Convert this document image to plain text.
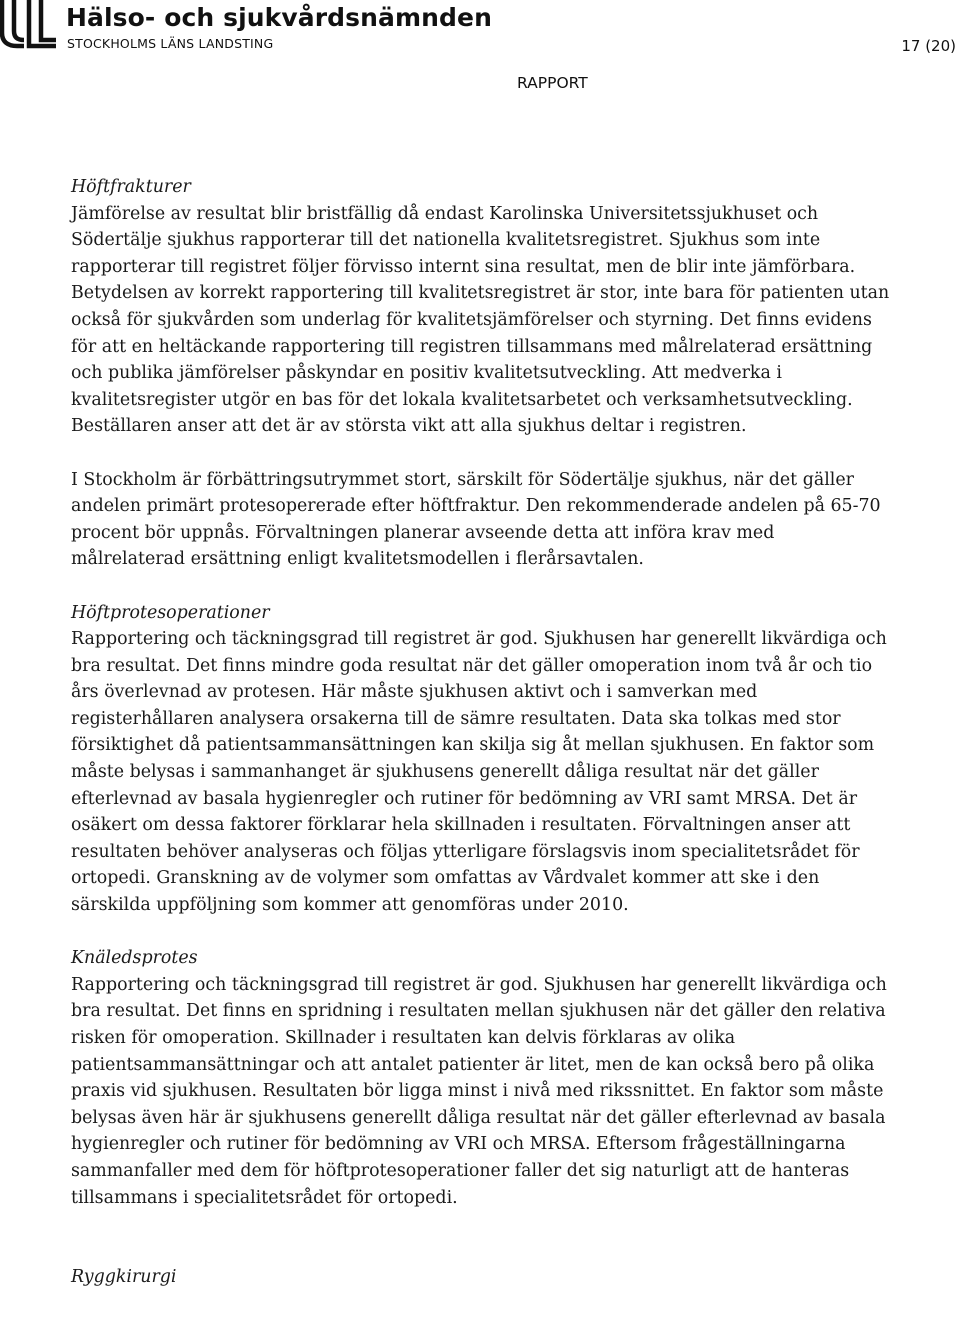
Hälso- och sjukvårdsnämnden
STOCKHOLMS LÄNS LANDSTING	17 (20)
RAPPORT

Höftfrakturer

Jämförelse av resultat blir bristfällig då endast Karolinska Universitetssjukhuset och Södertälje sjukhus rapporterar till det nationella kvalitetsregistret. Sjukhus som inte rapporterar till registret följer förvisso internt sina resultat, men de blir inte jämförbara. Betydelsen av korrekt rapportering till kvalitetsregistret är stor, inte bara för patienten utan också för sjukvården som underlag för kvalitetsjämförelser och styrning. Det finns evidens för att en heltäckande rapportering till registren tillsammans med målrelaterad ersättning och publika jämförelser påskyndar en positiv kvalitetsutveckling. Att medverka i kvalitetsregister utgör en bas för det lokala kvalitetsarbetet och verksamhetsutveckling. Beställaren anser att det är av största vikt att alla sjukhus deltar i registren.

I Stockholm är förbättringsutrymmet stort, särskilt för Södertälje sjukhus, när det gäller andelen primärt protesopererade efter höftfraktur. Den rekommenderade andelen på 65-70 procent bör uppnås. Förvaltningen planerar avseende detta att införa krav med målrelaterad ersättning enligt kvalitetsmodellen i flerårsavtalen.

Höftprotesoperationer

Rapportering och täckningsgrad till registret är god. Sjukhusen har generellt likvärdiga och bra resultat. Det finns mindre goda resultat när det gäller omoperation inom två år och tio års överlevnad av protesen. Här måste sjukhusen aktivt och i samverkan med registerhållaren analysera orsakerna till de sämre resultaten. Data ska tolkas med stor försiktighet då patientsammansättningen kan skilja sig åt mellan sjukhusen. En faktor som måste belysas i sammanhanget är sjukhusens generellt dåliga resultat när det gäller efterlevnad av basala hygienregler och rutiner för bedömning av VRI samt MRSA. Det är osäkert om dessa faktorer förklarar hela skillnaden i resultaten. Förvaltningen anser att resultaten behöver analyseras och följas ytterligare förslagsvis inom specialitetsrådet för ortopedi. Granskning av de volymer som omfattas av Vårdvalet kommer att ske i den särskilda uppföljning som kommer att genomföras under 2010.

Knäledsprotes

Rapportering och täckningsgrad till registret är god. Sjukhusen har generellt likvärdiga och bra resultat. Det finns en spridning i resultaten mellan sjukhusen när det gäller den relativa risken för omoperation. Skillnader i resultaten kan delvis förklaras av olika patientsammansättningar och att antalet patienter är litet, men de kan också bero på olika praxis vid sjukhusen. Resultaten bör ligga minst i nivå med rikssnittet. En faktor som måste belysas även här är sjukhusens generellt dåliga resultat när det gäller efterlevnad av basala hygienregler och rutiner för bedömning av VRI och MRSA. Eftersom frågeställningarna sammanfaller med dem för höftprotesoperationer faller det sig naturligt att de hanteras tillsammans i specialitetsrådet för ortopedi.

Ryggkirurgi
